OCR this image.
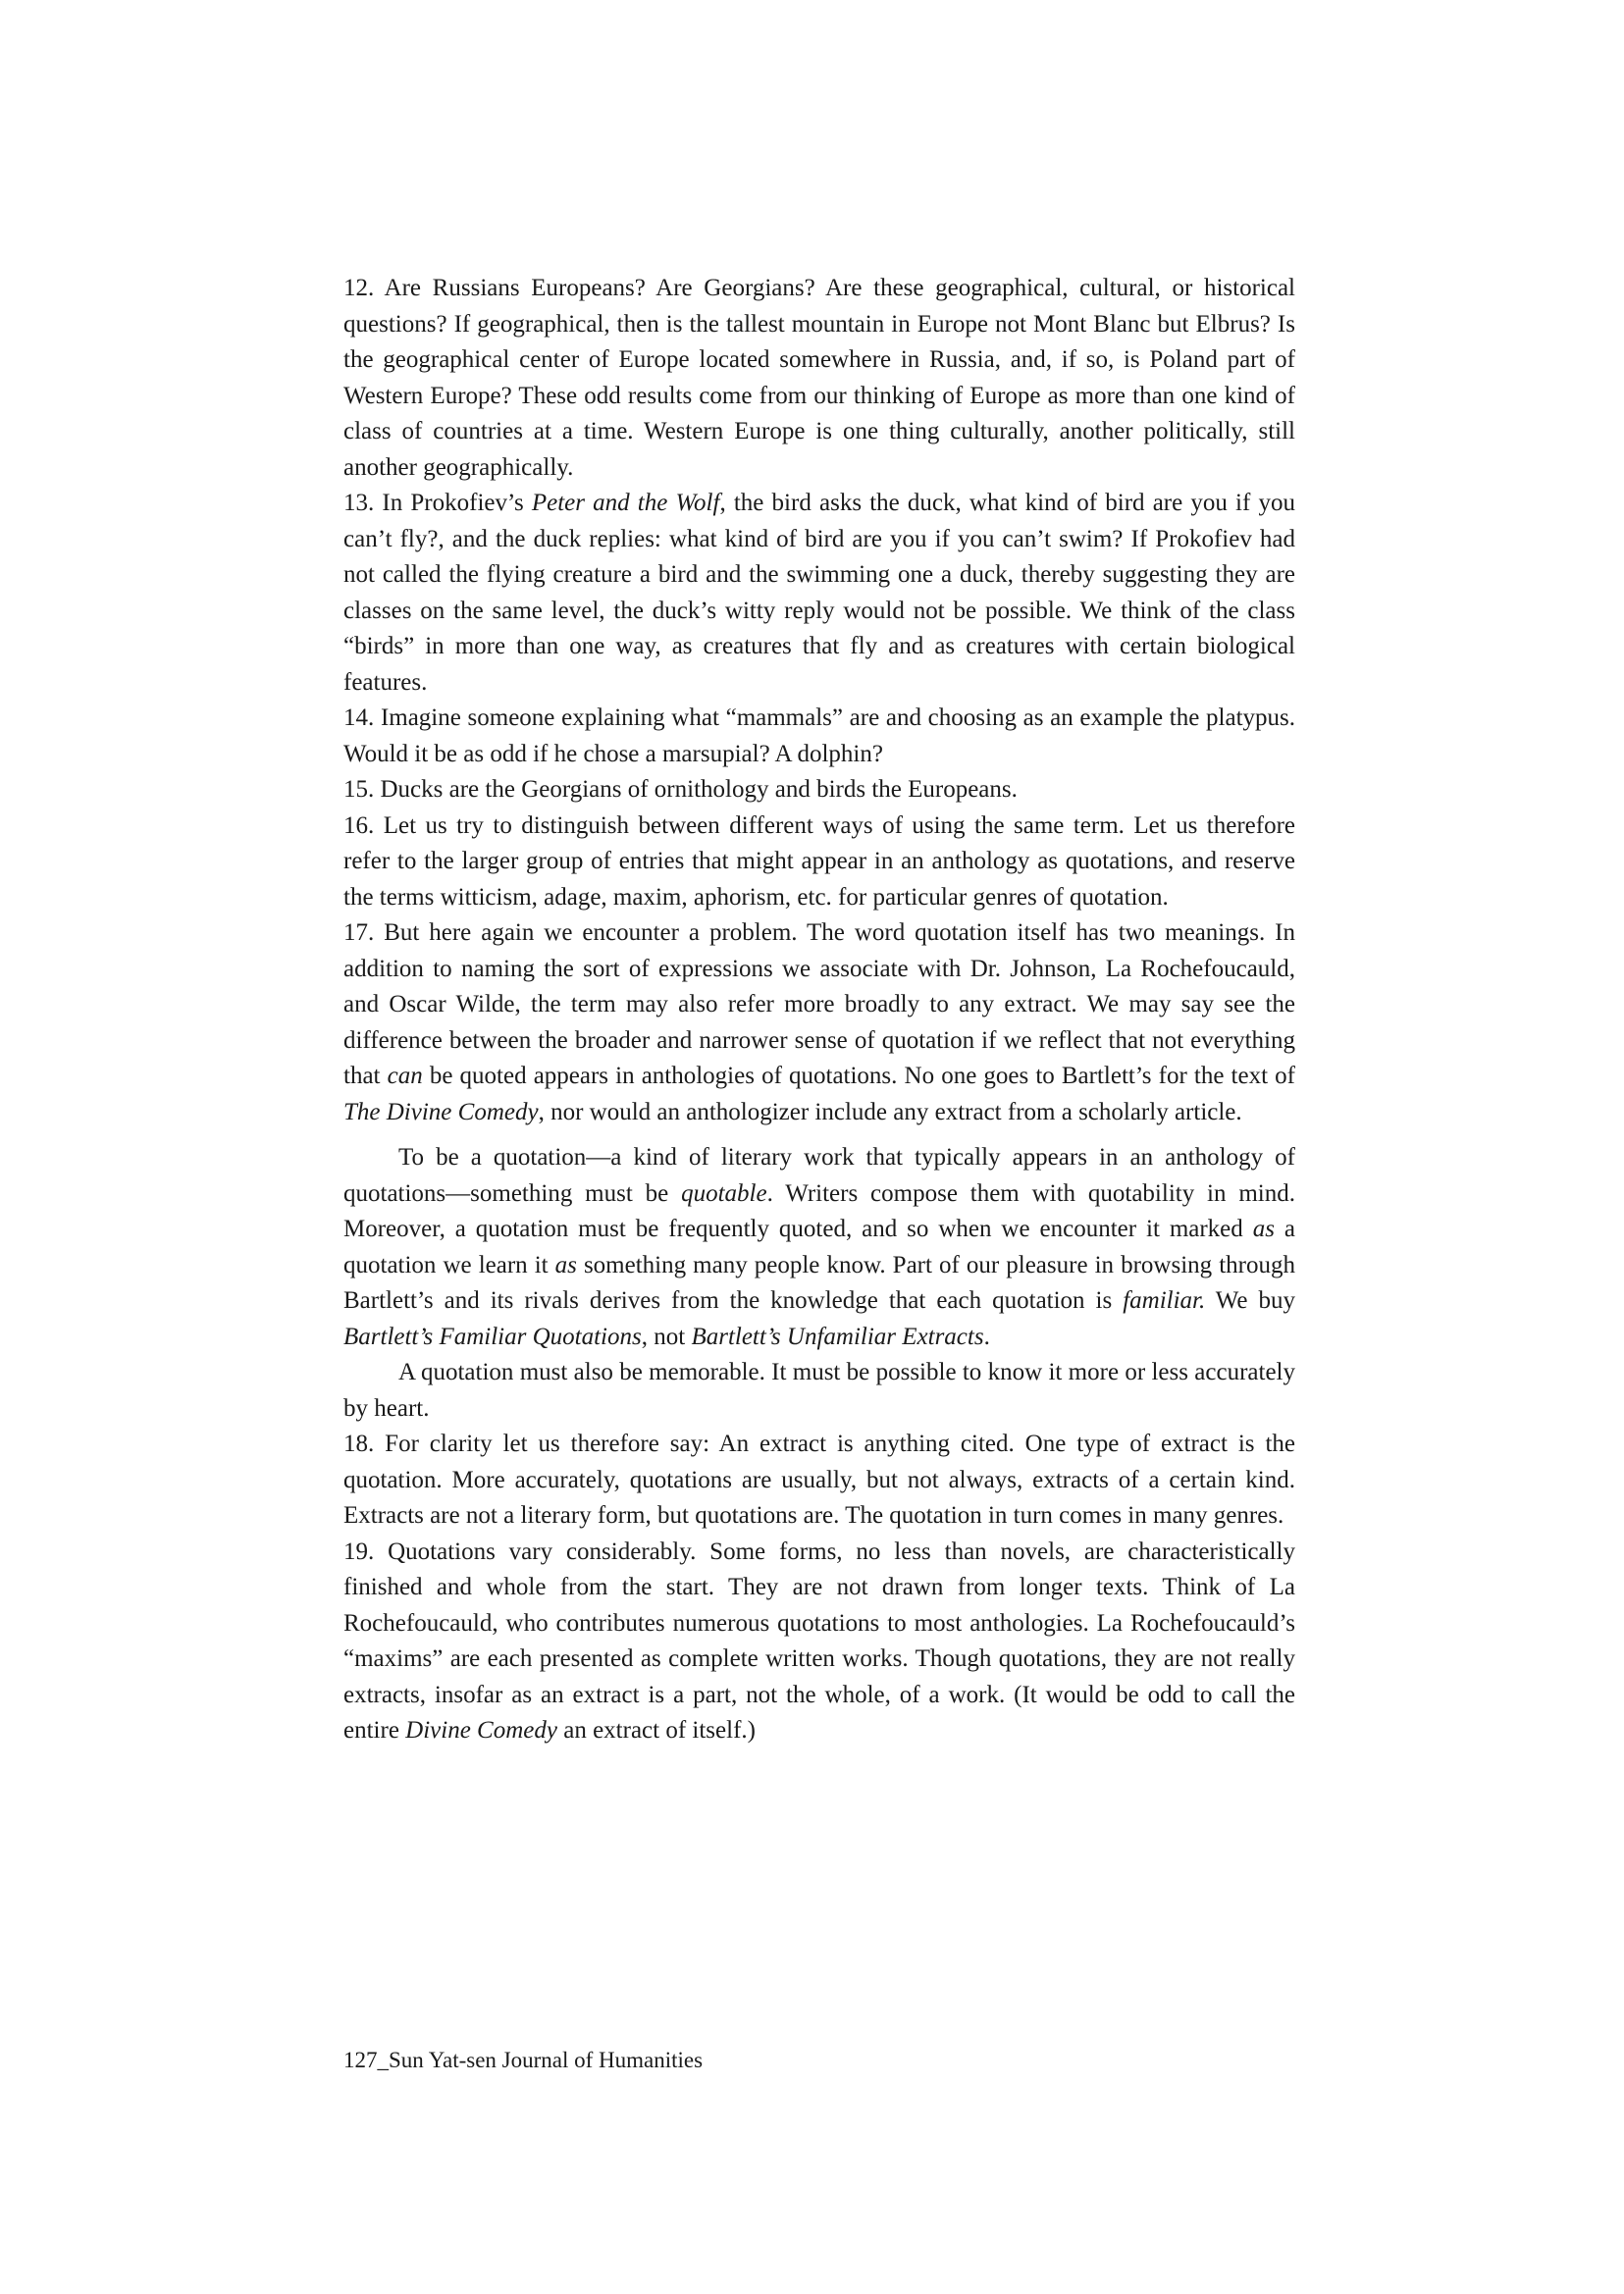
12. Are Russians Europeans? Are Georgians? Are these geographical, cultural, or historical questions? If geographical, then is the tallest mountain in Europe not Mont Blanc but Elbrus? Is the geographical center of Europe located somewhere in Russia, and, if so, is Poland part of Western Europe? These odd results come from our thinking of Europe as more than one kind of class of countries at a time. Western Europe is one thing culturally, another politically, still another geographically.

13. In Prokofiev’s Peter and the Wolf, the bird asks the duck, what kind of bird are you if you can’t fly?, and the duck replies: what kind of bird are you if you can’t swim? If Prokofiev had not called the flying creature a bird and the swimming one a duck, thereby suggesting they are classes on the same level, the duck’s witty reply would not be possible. We think of the class “birds” in more than one way, as creatures that fly and as creatures with certain biological features.

14. Imagine someone explaining what “mammals” are and choosing as an example the platypus. Would it be as odd if he chose a marsupial? A dolphin?

15. Ducks are the Georgians of ornithology and birds the Europeans.

16. Let us try to distinguish between different ways of using the same term. Let us therefore refer to the larger group of entries that might appear in an anthology as quotations, and reserve the terms witticism, adage, maxim, aphorism, etc. for particular genres of quotation.

17. But here again we encounter a problem. The word quotation itself has two meanings. In addition to naming the sort of expressions we associate with Dr. Johnson, La Rochefoucauld, and Oscar Wilde, the term may also refer more broadly to any extract. We may say see the difference between the broader and narrower sense of quotation if we reflect that not everything that can be quoted appears in anthologies of quotations. No one goes to Bartlett’s for the text of The Divine Comedy, nor would an anthologizer include any extract from a scholarly article.

To be a quotation—a kind of literary work that typically appears in an anthology of quotations—something must be quotable. Writers compose them with quotability in mind. Moreover, a quotation must be frequently quoted, and so when we encounter it marked as a quotation we learn it as something many people know. Part of our pleasure in browsing through Bartlett’s and its rivals derives from the knowledge that each quotation is familiar. We buy Bartlett’s Familiar Quotations, not Bartlett’s Unfamiliar Extracts.

A quotation must also be memorable. It must be possible to know it more or less accurately by heart.

18. For clarity let us therefore say: An extract is anything cited. One type of extract is the quotation. More accurately, quotations are usually, but not always, extracts of a certain kind. Extracts are not a literary form, but quotations are. The quotation in turn comes in many genres.

19. Quotations vary considerably. Some forms, no less than novels, are characteristically finished and whole from the start. They are not drawn from longer texts. Think of La Rochefoucauld, who contributes numerous quotations to most anthologies. La Rochefoucauld’s “maxims” are each presented as complete written works. Though quotations, they are not really extracts, insofar as an extract is a part, not the whole, of a work. (It would be odd to call the entire Divine Comedy an extract of itself.)

127_Sun Yat-sen Journal of Humanities
